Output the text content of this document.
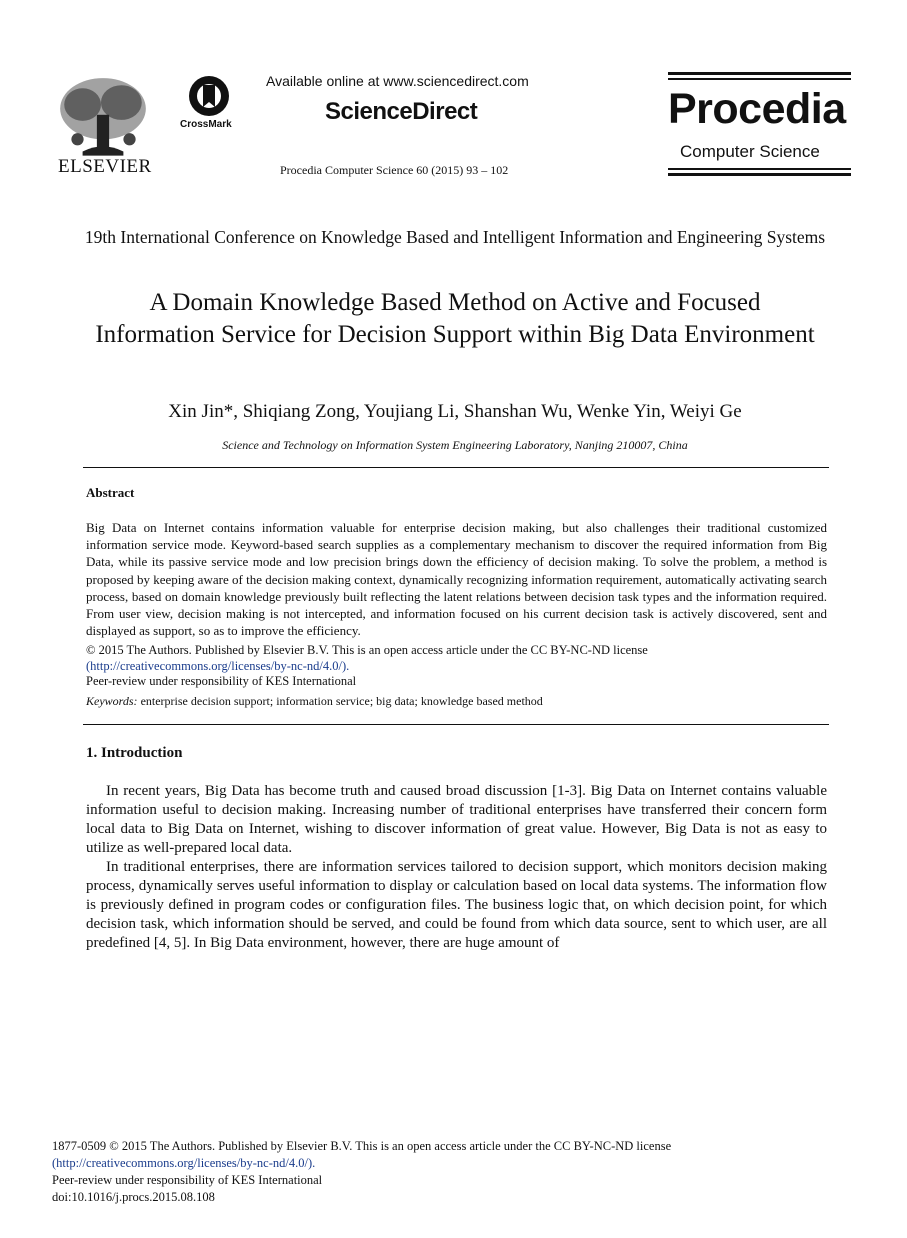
ELSEVIER
CrossMark
Available online at www.sciencedirect.com
ScienceDirect
Procedia Computer Science 60 (2015) 93 – 102
Procedia
Computer Science
19th International Conference on Knowledge Based and Intelligent Information and Engineering Systems
A Domain Knowledge Based Method on Active and Focused Information Service for Decision Support within Big Data Environment
Xin Jin*, Shiqiang Zong, Youjiang Li, Shanshan Wu, Wenke Yin, Weiyi Ge
Science and Technology on Information System Engineering Laboratory, Nanjing 210007, China
Abstract
Big Data on Internet contains information valuable for enterprise decision making, but also challenges their traditional customized information service mode. Keyword-based search supplies as a complementary mechanism to discover the required information from Big Data, while its passive service mode and low precision brings down the efficiency of decision making. To solve the problem, a method is proposed by keeping aware of the decision making context, dynamically recognizing information requirement, automatically activating search process, based on domain knowledge previously built reflecting the latent relations between decision task types and the information required. From user view, decision making is not intercepted, and information focused on his current decision task is actively discovered, sent and displayed as support, so as to improve the efficiency.
© 2015 The Authors. Published by Elsevier B.V. This is an open access article under the CC BY-NC-ND license
(http://creativecommons.org/licenses/by-nc-nd/4.0/).
Peer-review under responsibility of KES International
Keywords: enterprise decision support; information service; big data; knowledge based method
1. Introduction

In recent years, Big Data has become truth and caused broad discussion [1-3]. Big Data on Internet contains valuable information useful to decision making. Increasing number of traditional enterprises have transferred their concern form local data to Big Data on Internet, wishing to discover information of great value. However, Big Data is not as easy to utilize as well-prepared local data.

In traditional enterprises, there are information services tailored to decision support, which monitors decision making process, dynamically serves useful information to display or calculation based on local data systems. The information flow is previously defined in program codes or configuration files. The business logic that, on which decision point, for which decision task, which information should be served, and could be found from which data source, sent to which user, are all predefined [4, 5]. In Big Data environment, however, there are huge amount of

1877-0509 © 2015 The Authors. Published by Elsevier B.V. This is an open access article under the CC BY-NC-ND license
(http://creativecommons.org/licenses/by-nc-nd/4.0/).
Peer-review under responsibility of KES International
doi:10.1016/j.procs.2015.08.108
